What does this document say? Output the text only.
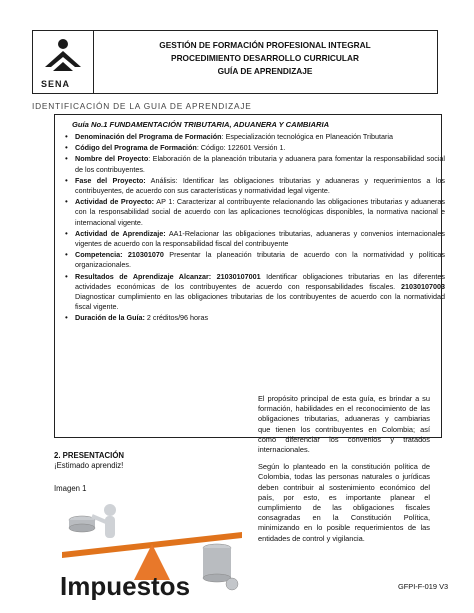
SENA
GESTIÓN DE FORMACIÓN PROFESIONAL INTEGRAL
PROCEDIMIENTO DESARROLLO CURRICULAR
GUÍA DE APRENDIZAJE
IDENTIFICACIÓN DE LA GUIA DE APRENDIZAJE
Guía No.1 FUNDAMENTACIÓN TRIBUTARIA, ADUANERA Y CAMBIARIA
• Denominación del Programa de Formación: Especialización tecnológica en Planeación Tributaria
• Código del Programa de Formación: Código: 122601 Versión 1.
• Nombre del Proyecto: Elaboración de la planeación tributaria y aduanera para fomentar la responsabilidad social de los contribuyentes.
• Fase del Proyecto: Análisis: Identificar las obligaciones tributarias y aduaneras y requerimientos a los contribuyentes, de acuerdo con sus características y normatividad legal vigente.
• Actividad de Proyecto: AP 1: Caracterizar al contribuyente relacionando las obligaciones tributarias y aduaneras con la responsabilidad social de acuerdo con las aplicaciones tecnológicas disponibles, la normativa nacional e internacional vigente.
• Actividad de Aprendizaje: AA1-Relacionar las obligaciones tributarias, aduaneras y convenios internacionales vigentes de acuerdo con la responsabilidad fiscal del contribuyente
• Competencia: 210301070 Presentar la planeación tributaria de acuerdo con la normatividad y políticas organizacionales.
• Resultados de Aprendizaje Alcanzar: 21030107001 Identificar obligaciones tributarias en las diferentes actividades económicas de los contribuyentes de acuerdo con responsabilidades fiscales. 21030107003 Diagnosticar cumplimiento en las obligaciones tributarias de los contribuyentes de acuerdo con la normatividad fiscal vigente.
• Duración de la Guía: 2 créditos/96 horas
2. PRESENTACIÓN
¡Estimado aprendiz!
Imagen 1
Impuestos

El propósito principal de esta guía, es brindar a su formación, habilidades en el reconocimiento de las obligaciones tributarias, aduaneras y cambiarias que tienen los contribuyentes en Colombia; así como diferenciar los convenios y tratados internacionales.

Según lo planteado en la constitución política de Colombia, todas las personas naturales o jurídicas deben contribuir al sostenimiento económico del país, por esto, es importante planear el cumplimiento de las obligaciones fiscales consagradas en la Constitución Política, minimizando en lo posible requerimientos de las entidades de control y vigilancia.

GFPI-F-019 V3
